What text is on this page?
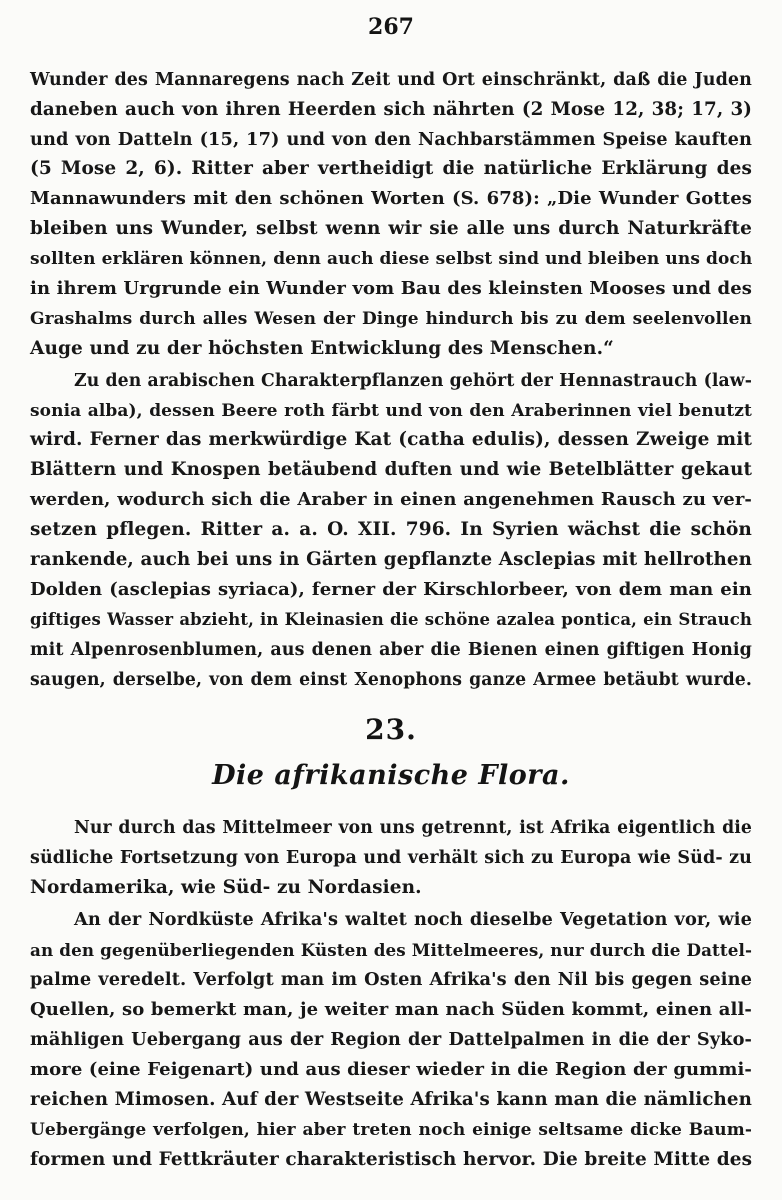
267
Wunder des Mannaregens nach Zeit und Ort einschränkt, daß die Juden
daneben auch von ihren Heerden sich nährten (2 Mose 12, 38; 17, 3)
und von Datteln (15, 17) und von den Nachbarstämmen Speise kauften
(5 Mose 2, 6). Ritter aber vertheidigt die natürliche Erklärung des
Mannawunders mit den schönen Worten (S. 678): „Die Wunder Gottes
bleiben uns Wunder, selbst wenn wir sie alle uns durch Naturkräfte
sollten erklären können, denn auch diese selbst sind und bleiben uns doch
in ihrem Urgrunde ein Wunder vom Bau des kleinsten Mooses und des
Grashalms durch alles Wesen der Dinge hindurch bis zu dem seelenvollen
Auge und zu der höchsten Entwicklung des Menschen.“
Zu den arabischen Charakterpflanzen gehört der Hennastrauch (law-
sonia alba), dessen Beere roth färbt und von den Araberinnen viel benutzt
wird. Ferner das merkwürdige Kat (catha edulis), dessen Zweige mit
Blättern und Knospen betäubend duften und wie Betelblätter gekaut
werden, wodurch sich die Araber in einen angenehmen Rausch zu ver-
setzen pflegen. Ritter a. a. O. XII. 796. In Syrien wächst die schön
rankende, auch bei uns in Gärten gepflanzte Asclepias mit hellrothen
Dolden (asclepias syriaca), ferner der Kirschlorbeer, von dem man ein
giftiges Wasser abzieht, in Kleinasien die schöne azalea pontica, ein Strauch
mit Alpenrosenblumen, aus denen aber die Bienen einen giftigen Honig
saugen, derselbe, von dem einst Xenophons ganze Armee betäubt wurde.
23.
Die afrikanische Flora.
Nur durch das Mittelmeer von uns getrennt, ist Afrika eigentlich die
südliche Fortsetzung von Europa und verhält sich zu Europa wie Süd- zu
Nordamerika, wie Süd- zu Nordasien.
An der Nordküste Afrika's waltet noch dieselbe Vegetation vor, wie
an den gegenüberliegenden Küsten des Mittelmeeres, nur durch die Dattel-
palme veredelt. Verfolgt man im Osten Afrika's den Nil bis gegen seine
Quellen, so bemerkt man, je weiter man nach Süden kommt, einen all-
mähligen Uebergang aus der Region der Dattelpalmen in die der Syko-
more (eine Feigenart) und aus dieser wieder in die Region der gummi-
reichen Mimosen. Auf der Westseite Afrika's kann man die nämlichen
Uebergänge verfolgen, hier aber treten noch einige seltsame dicke Baum-
formen und Fettkräuter charakteristisch hervor. Die breite Mitte des
